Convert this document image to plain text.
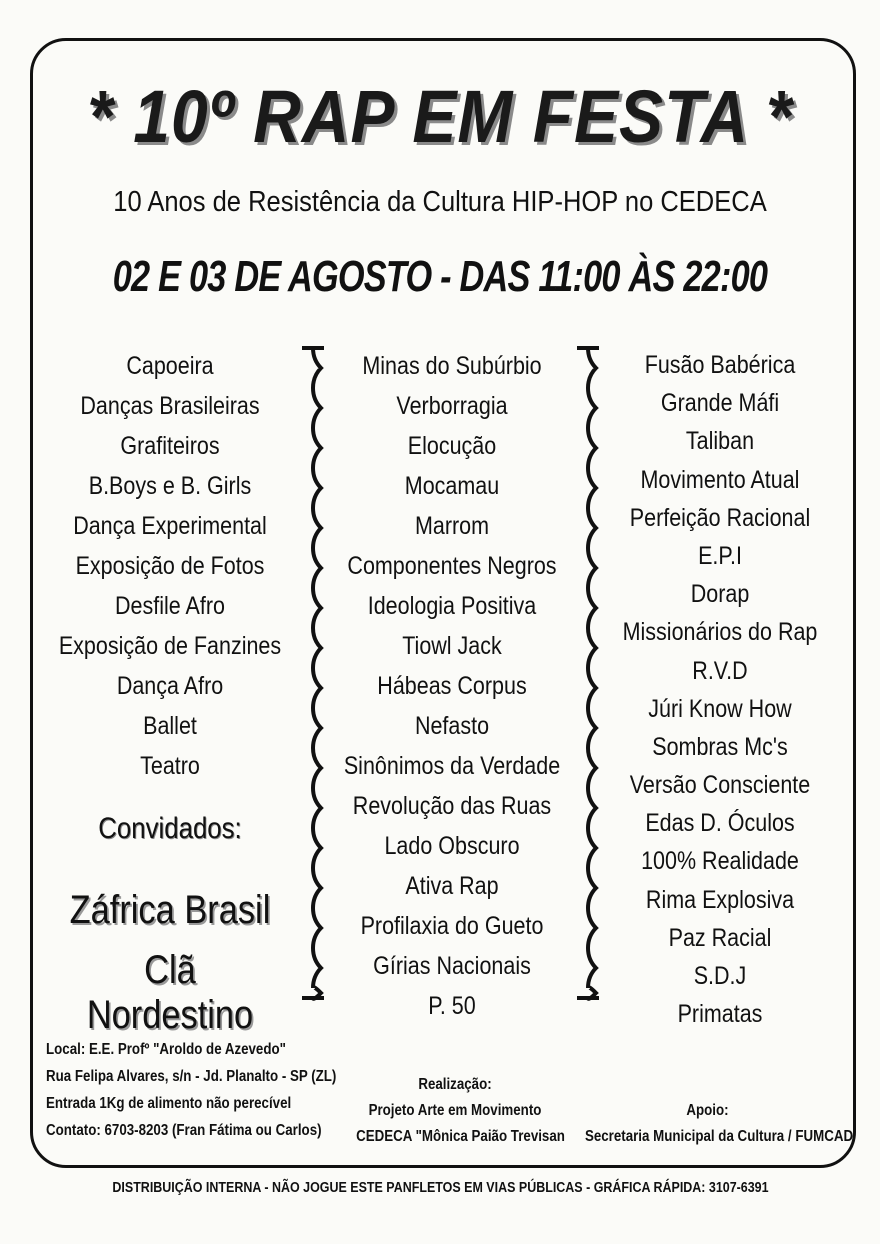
* 10º RAP EM FESTA *
10 Anos de Resistência da Cultura HIP-HOP no CEDECA
02 E 03 DE AGOSTO - DAS 11:00 ÀS 22:00
Capoeira
Danças Brasileiras
Grafiteiros
B.Boys e B. Girls
Dança Experimental
Exposição de Fotos
Desfile Afro
Exposição de Fanzines
Dança Afro
Ballet
Teatro
Convidados:
Záfrica Brasil
Clã Nordestino
Minas do Subúrbio
Verborragia
Elocução
Mocamau
Marrom
Componentes Negros
Ideologia Positiva
Tiowl Jack
Hábeas Corpus
Nefasto
Sinônimos da Verdade
Revolução das Ruas
Lado Obscuro
Ativa Rap
Profilaxia do Gueto
Gírias Nacionais
P. 50
Fusão Babérica
Grande Máfi
Taliban
Movimento Atual
Perfeição Racional
E.P.I
Dorap
Missionários do Rap
R.V.D
Júri Know How
Sombras Mc's
Versão Consciente
Edas D. Óculos
100% Realidade
Rima Explosiva
Paz Racial
S.D.J
Primatas
Local: E.E. Profº "Aroldo de Azevedo"
Rua Felipa Alvares, s/n - Jd. Planalto - SP (ZL)
Entrada 1Kg de alimento não perecível
Contato: 6703-8203 (Fran Fátima ou Carlos)
Realização:
Projeto Arte em Movimento
CEDECA "Mônica Paião Trevisan
Apoio:
Secretaria Municipal da Cultura / FUMCAD
DISTRIBUIÇÃO INTERNA - NÃO JOGUE ESTE PANFLETOS EM VIAS PÚBLICAS - GRÁFICA RÁPIDA: 3107-6391
